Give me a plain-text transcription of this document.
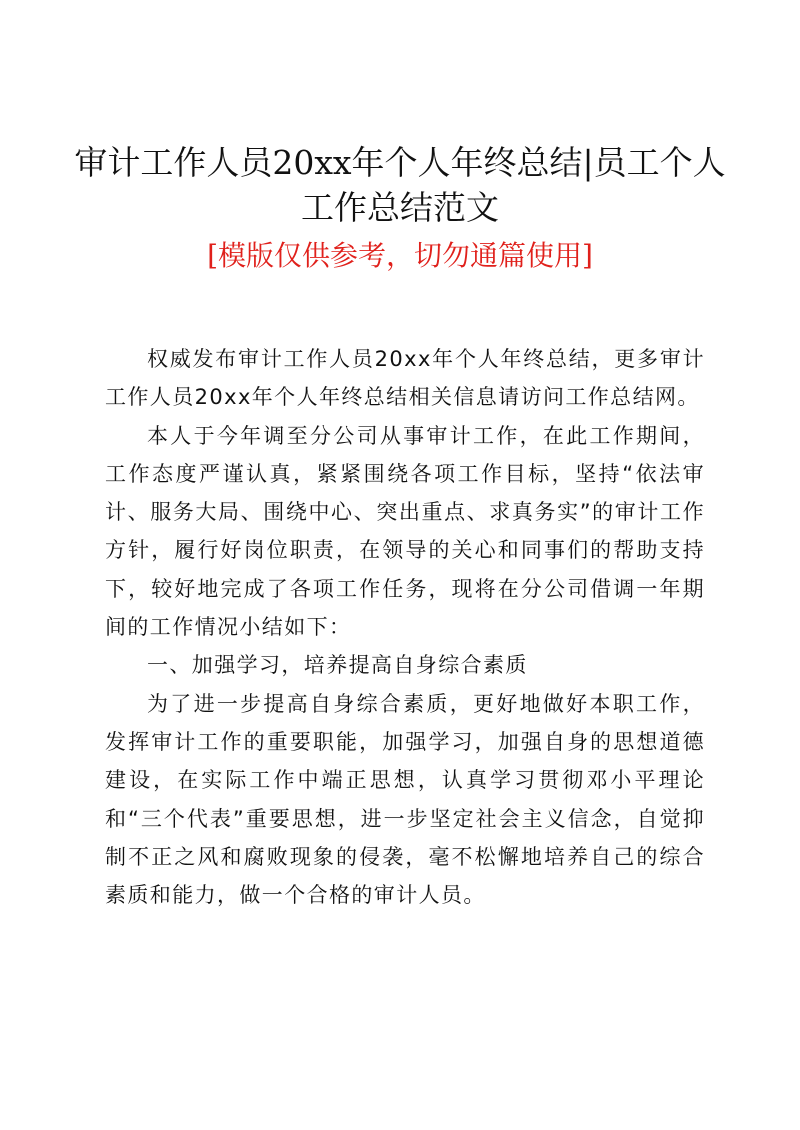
审计工作人员20xx年个人年终总结|员工个人工作总结范文
[模版仅供参考，切勿通篇使用]

权威发布审计工作人员20xx年个人年终总结，更多审计工作人员20xx年个人年终总结相关信息请访问工作总结网。

本人于今年调至分公司从事审计工作，在此工作期间，工作态度严谨认真，紧紧围绕各项工作目标，坚持“依法审计、服务大局、围绕中心、突出重点、求真务实”的审计工作方针，履行好岗位职责，在领导的关心和同事们的帮助支持下，较好地完成了各项工作任务，现将在分公司借调一年期间的工作情况小结如下：

一、加强学习，培养提高自身综合素质

为了进一步提高自身综合素质，更好地做好本职工作，发挥审计工作的重要职能，加强学习，加强自身的思想道德建设，在实际工作中端正思想，认真学习贯彻邓小平理论和“三个代表”重要思想，进一步坚定社会主义信念，自觉抑制不正之风和腐败现象的侵袭，毫不松懈地培养自己的综合素质和能力，做一个合格的审计人员。
